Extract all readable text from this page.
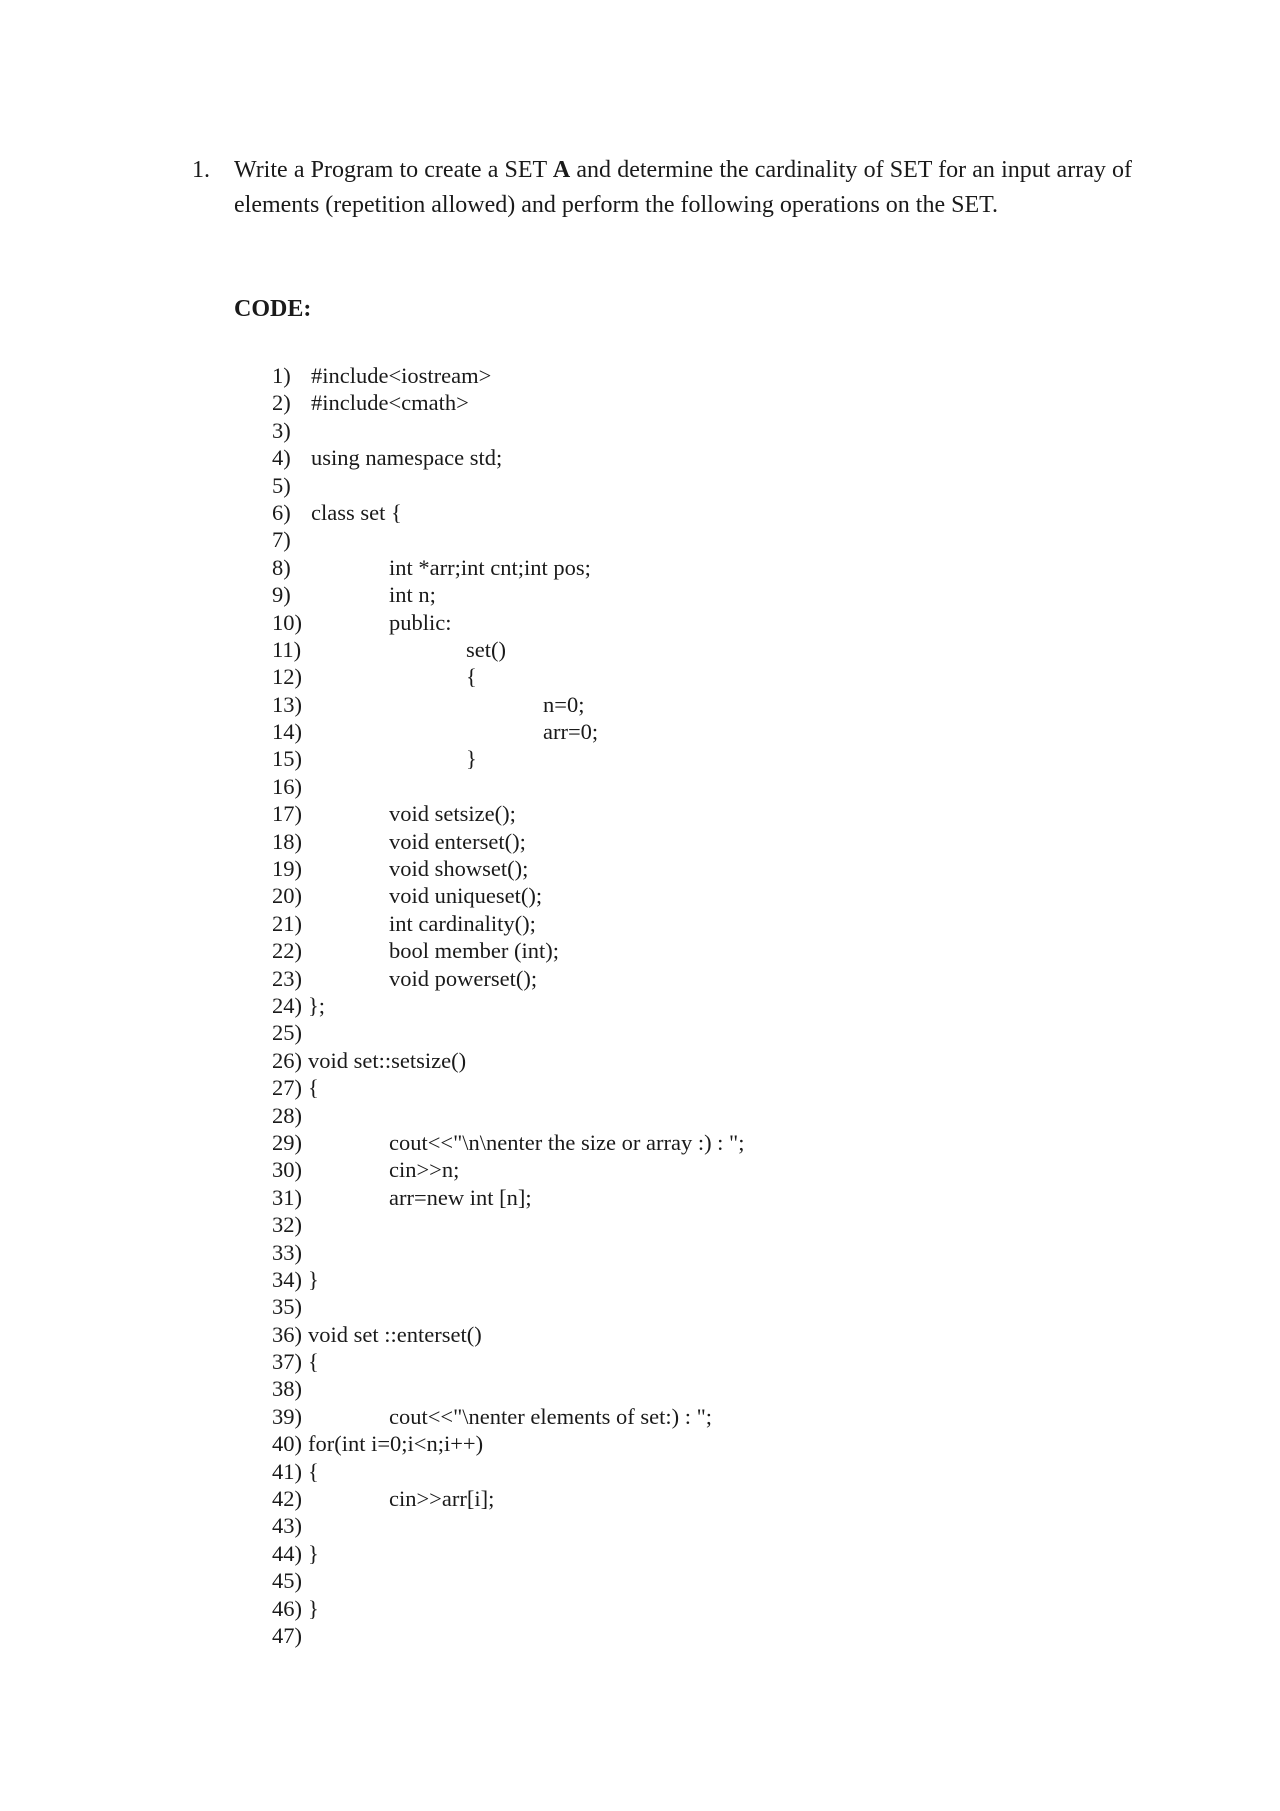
1. Write a Program to create a SET A and determine the cardinality of SET for an input array of elements (repetition allowed) and perform the following operations on the SET.
CODE:
1) #include<iostream>
2) #include<cmath>
3)
4) using namespace std;
5)
6) class set {
7)
8)	int *arr;int cnt;int pos;
9)	int n;
10)	public:
11)	set()
12)	{
13)	n=0;
14)	arr=0;
15)	}
16)
17)	void setsize();
18)	void enterset();
19)	void showset();
20)	void uniqueset();
21)	int cardinality();
22)	bool member (int);
23)	void powerset();
24) };
25)
26) void set::setsize()
27) {
28)
29)	cout<<"\n\nenter the size or array :) : ";
30)	cin>>n;
31)	arr=new int [n];
32)
33)
34) }
35)
36) void set ::enterset()
37) {
38)
39)	cout<<"\nenter elements of set:) : ";
40) for(int i=0;i<n;i++)
41) {
42)	cin>>arr[i];
43)
44) }
45)
46) }
47)
